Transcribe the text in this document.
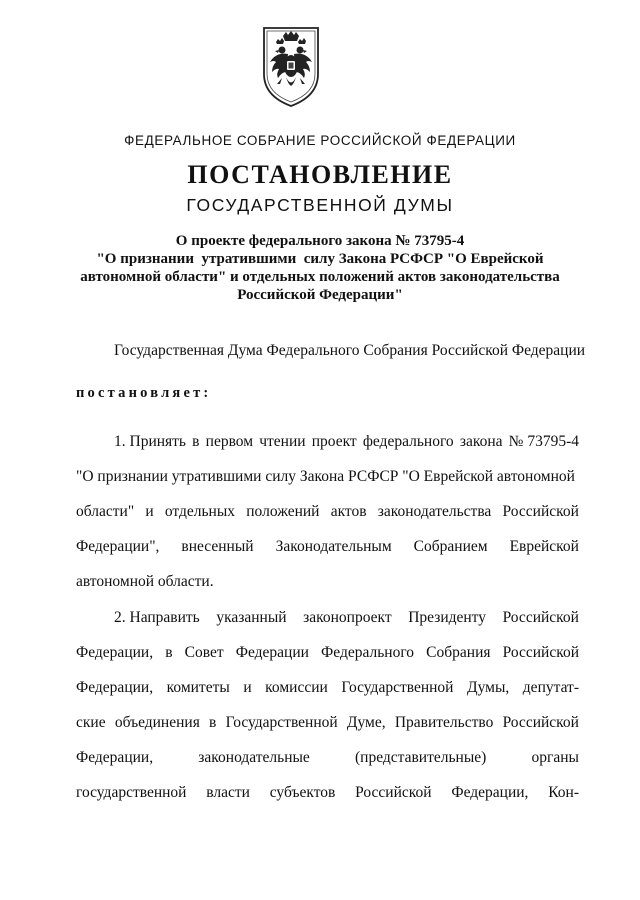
ФЕДЕРАЛЬНОЕ СОБРАНИЕ РОССИЙСКОЙ ФЕДЕРАЦИИ

ПОСТАНОВЛЕНИЕ

ГОСУДАРСТВЕННОЙ ДУМЫ

О проекте федерального закона № 73795-4
"О признании  утратившими  силу Закона РСФСР "О Еврейской
автономной области" и отдельных положений актов законодательства
Российской Федерации"

Государственная Дума Федерального Собрания Российской Федерации

постановляет:

1. Принять в первом чтении проект федерального закона № 73795-4
"О признании утратившими силу Закона РСФСР "О Еврейской автономной
области" и отдельных положений актов законодательства Российской
Федерации", внесенный Законодательным Собранием Еврейской
автономной области.
2. Направить указанный законопроект Президенту Российской
Федерации, в Совет Федерации Федерального Собрания Российской
Федерации, комитеты и комиссии Государственной Думы, депутат-
ские объединения в Государственной Думе, Правительство Российской
Федерации,	законодательные	(представительные)	органы
государственной власти субъектов Российской Федерации, Кон-
